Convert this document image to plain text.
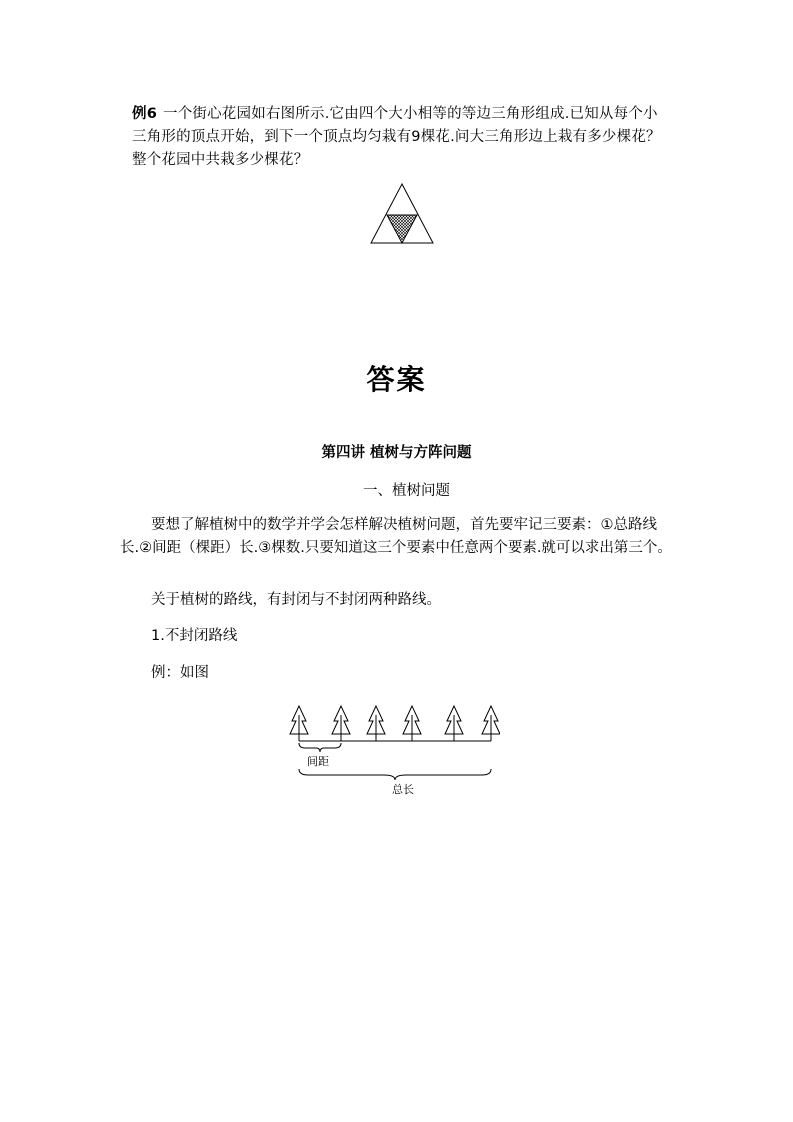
例6 一个街心花园如右图所示.它由四个大小相等的等边三角形组成.已知从每个小三角形的顶点开始，到下一个顶点均匀栽有9棵花.问大三角形边上栽有多少棵花？整个花园中共栽多少棵花？
答案
第四讲 植树与方阵问题
一、植树问题
要想了解植树中的数学并学会怎样解决植树问题，首先要牢记三要素：①总路线长.②间距（棵距）长.③棵数.只要知道这三个要素中任意两个要素.就可以求出第三个。
关于植树的路线，有封闭与不封闭两种路线。
1.不封闭路线
例：如图
间距
总长
